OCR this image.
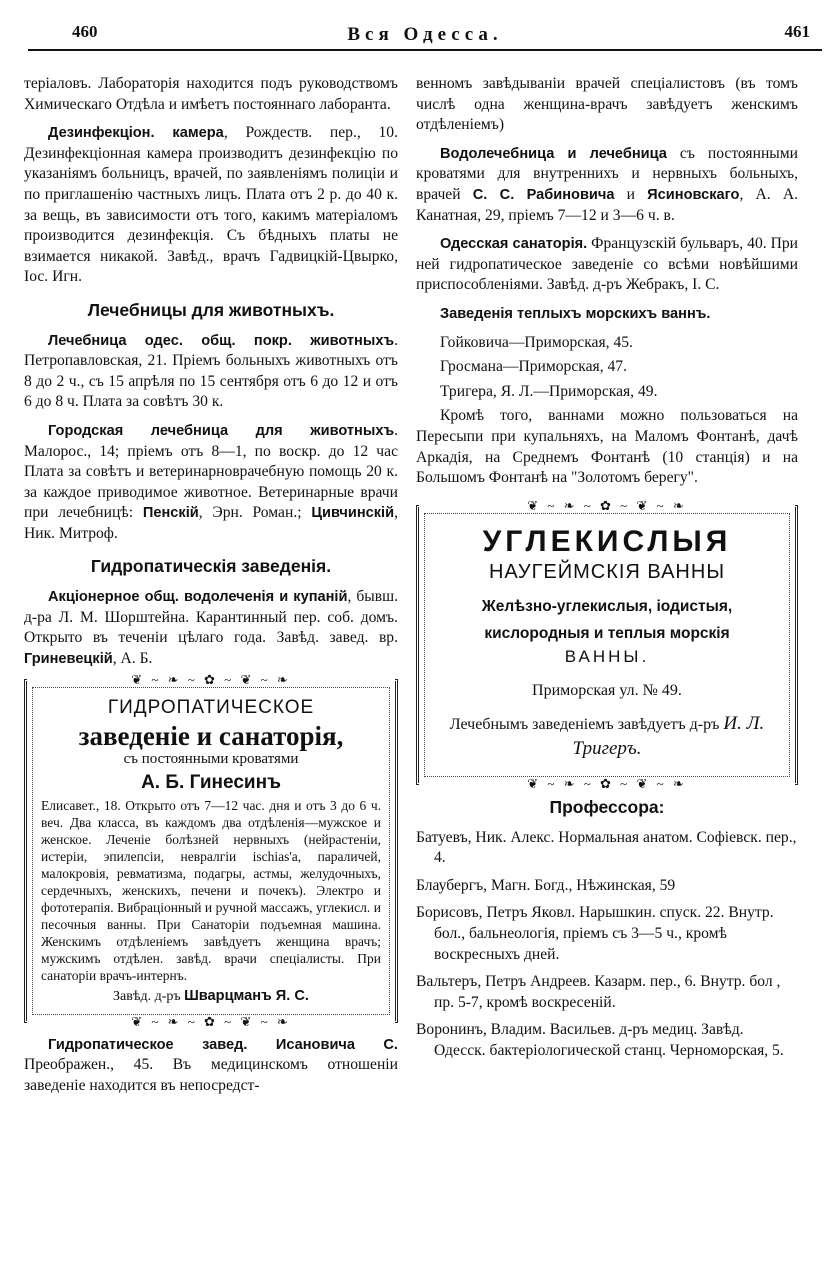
460	Вся Одесса.	461

теріаловъ. Лабораторія находится подъ руководствомъ Химическаго Отдѣла и имѣетъ постояннаго лаборанта.

Дезинфекціон. камера, Рождеств. пер., 10. Дезинфекціонная камера производитъ дезинфекцію по указаніямъ больницъ, врачей, по заявленіямъ полиціи и по приглашенію частныхъ лицъ. Плата отъ 2 р. до 40 к. за вещь, въ зависимости отъ того, какимъ матеріаломъ производится дезинфекція. Съ бѣдныхъ платы не взимается никакой. Завѣд., врачъ Гадвицкій-Цвырко, Іос. Игн.

Лечебницы для животныхъ.

Лечебница одес. общ. покр. животныхъ. Петропавловская, 21. Пріемъ больныхъ животныхъ отъ 8 до 2 ч., съ 15 апрѣля по 15 сентября отъ 6 до 12 и отъ 6 до 8 ч. Плата за совѣтъ 30 к.

Городская лечебница для животныхъ. Малорос., 14; пріемъ отъ 8—1, по воскр. до 12 час Плата за совѣтъ и ветеринарноврачебную помощь 20 к. за каждое приводимое животное. Ветеринарные врачи при лечебницѣ: Пенскій, Эрн. Роман.; Цивчинскій, Ник. Митроф.

Гидропатическія заведенія.

Акціонерное общ. водолеченія и купаній, бывш. д-ра Л. М. Шорштейна. Карантинный пер. соб. домъ. Открыто въ теченіи цѣлаго года. Завѣд. завед. вр. Гриневецкій, А. Б.

❦ ~ ❧ ~ ✿ ~ ❦ ~ ❧
ГИДРОПАТИЧЕСКОЕ
заведеніе и санаторія,
съ постоянными кроватями
А. Б. Гинесинъ
Елисавет., 18. Открыто отъ 7—12 час. дня и отъ 3 до 6 ч. веч. Два класса, въ каждомъ два отдѣленія—мужское и женское. Леченіе болѣзней нервныхъ (нейрастеніи, истеріи, эпилепсіи, невралгіи ischias'а, параличей, малокровія, ревматизма, подагры, астмы, желудочныхъ, сердечныхъ, женскихъ, печени и почекъ). Электро и фототерапія. Вибраціонный и ручной массажъ, углекисл. и песочныя ванны. При Санаторіи подъемная машина. Женскимъ отдѣленіемъ завѣдуетъ женщина врачъ; мужскимъ отдѣлен. завѣд. врачи спеціалисты. При санаторіи врачъ-интернъ.
Завѣд. д-ръ Шварцманъ Я. С.
❦ ~ ❧ ~ ✿ ~ ❦ ~ ❧

Гидропатическое завед. Исановича С. Преображен., 45. Въ медицинскомъ отношеніи заведеніе находится въ непосредст-

венномъ завѣдываніи врачей спеціалистовъ (въ томъ числѣ одна женщина-врачъ завѣдуетъ женскимъ отдѣленіемъ)

Водолечебница и лечебница съ постоянными кроватями для внутреннихъ и нервныхъ больныхъ, врачей С. С. Рабиновича и Ясиновскаго, А. А. Канатная, 29, пріемъ 7—12 и 3—6 ч. в.

Одесская санаторія. Французскій бульваръ, 40. При ней гидропатическое заведеніе со всѣми новѣйшими приспособленіями. Завѣд. д-ръ Жебракъ, І. С.

Заведенія теплыхъ морскихъ ваннъ.

Гойковича—Приморская, 45.

Гросмана—Приморская, 47.

Тригера, Я. Л.—Приморская, 49.

Кромѣ того, ваннами можно пользоваться на Пересыпи при купальняхъ, на Маломъ Фонтанѣ, дачѣ Аркадія, на Среднемъ Фонтанѣ (10 станція) и на Большомъ Фонтанѣ на "Золотомъ берегу".

❦ ~ ❧ ~ ✿ ~ ❦ ~ ❧
УГЛЕКИСЛЫЯ
НАУГЕЙМСКІЯ ВАННЫ
Желѣзно-углекислыя, іодистыя,
кислородныя и теплыя морскія
ВАННЫ.
Приморская ул. № 49.
Лечебнымъ заведеніемъ завѣдуетъ д-ръ И. Л. Тригеръ.
❦ ~ ❧ ~ ✿ ~ ❦ ~ ❧
Профессора:

Батуевъ, Ник. Алекс. Нормальная анатом. Софіевск. пер., 4.

Блаубергъ, Магн. Богд., Нѣжинская, 59

Борисовъ, Петръ Яковл. Нарышкин. спуск. 22. Внутр. бол., бальнеологія, пріемъ съ 3—5 ч., кромѣ воскресныхъ дней.

Вальтеръ, Петръ Андреев. Казарм. пер., 6. Внутр. бол , пр. 5-7, кромѣ воскресеній.

Воронинъ, Владим. Васильев. д-ръ медиц. Завѣд. Одесск. бактеріологической станц. Черноморская, 5.
